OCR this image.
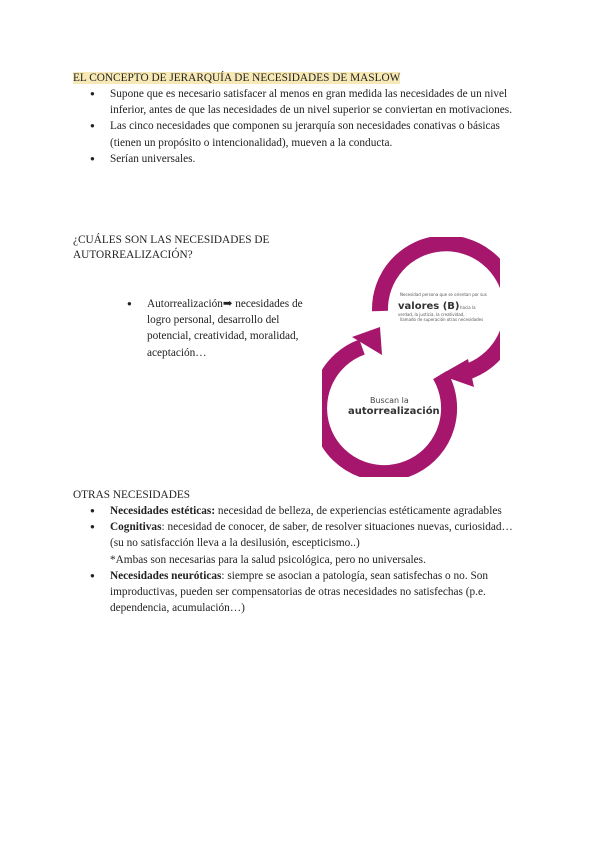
EL CONCEPTO DE JERARQUÍA DE NECESIDADES DE MASLOW
● Supone que es necesario satisfacer al menos en gran medida las necesidades de un nivel inferior, antes de que las necesidades de un nivel superior se conviertan en motivaciones.
● Las cinco necesidades que componen su jerarquía son necesidades conativas o básicas (tienen un propósito o intencionalidad), mueven a la conducta.
● Serían universales.
¿CUÁLES SON LAS NECESIDADES DE AUTORREALIZACIÓN?
● Autorrealización➡ necesidades de logro personal, desarrollo del potencial, creatividad, moralidad, aceptación…
Necesidad persona que se orientan por sus
valores (B) hacia la
verdad, la justicia, la creatividad,
llamado de superación otras necesidades
Buscan la
autorrealización
OTRAS NECESIDADES
● Necesidades estéticas: necesidad de belleza, de experiencias estéticamente agradables
● Cognitivas: necesidad de conocer, de saber, de resolver situaciones nuevas, curiosidad… (su no satisfacción lleva a la desilusión, escepticismo..)
*Ambas son necesarias para la salud psicológica, pero no universales.
● Necesidades neuróticas: siempre se asocian a patología, sean satisfechas o no. Son improductivas, pueden ser compensatorias de otras necesidades no satisfechas (p.e. dependencia, acumulación…)
